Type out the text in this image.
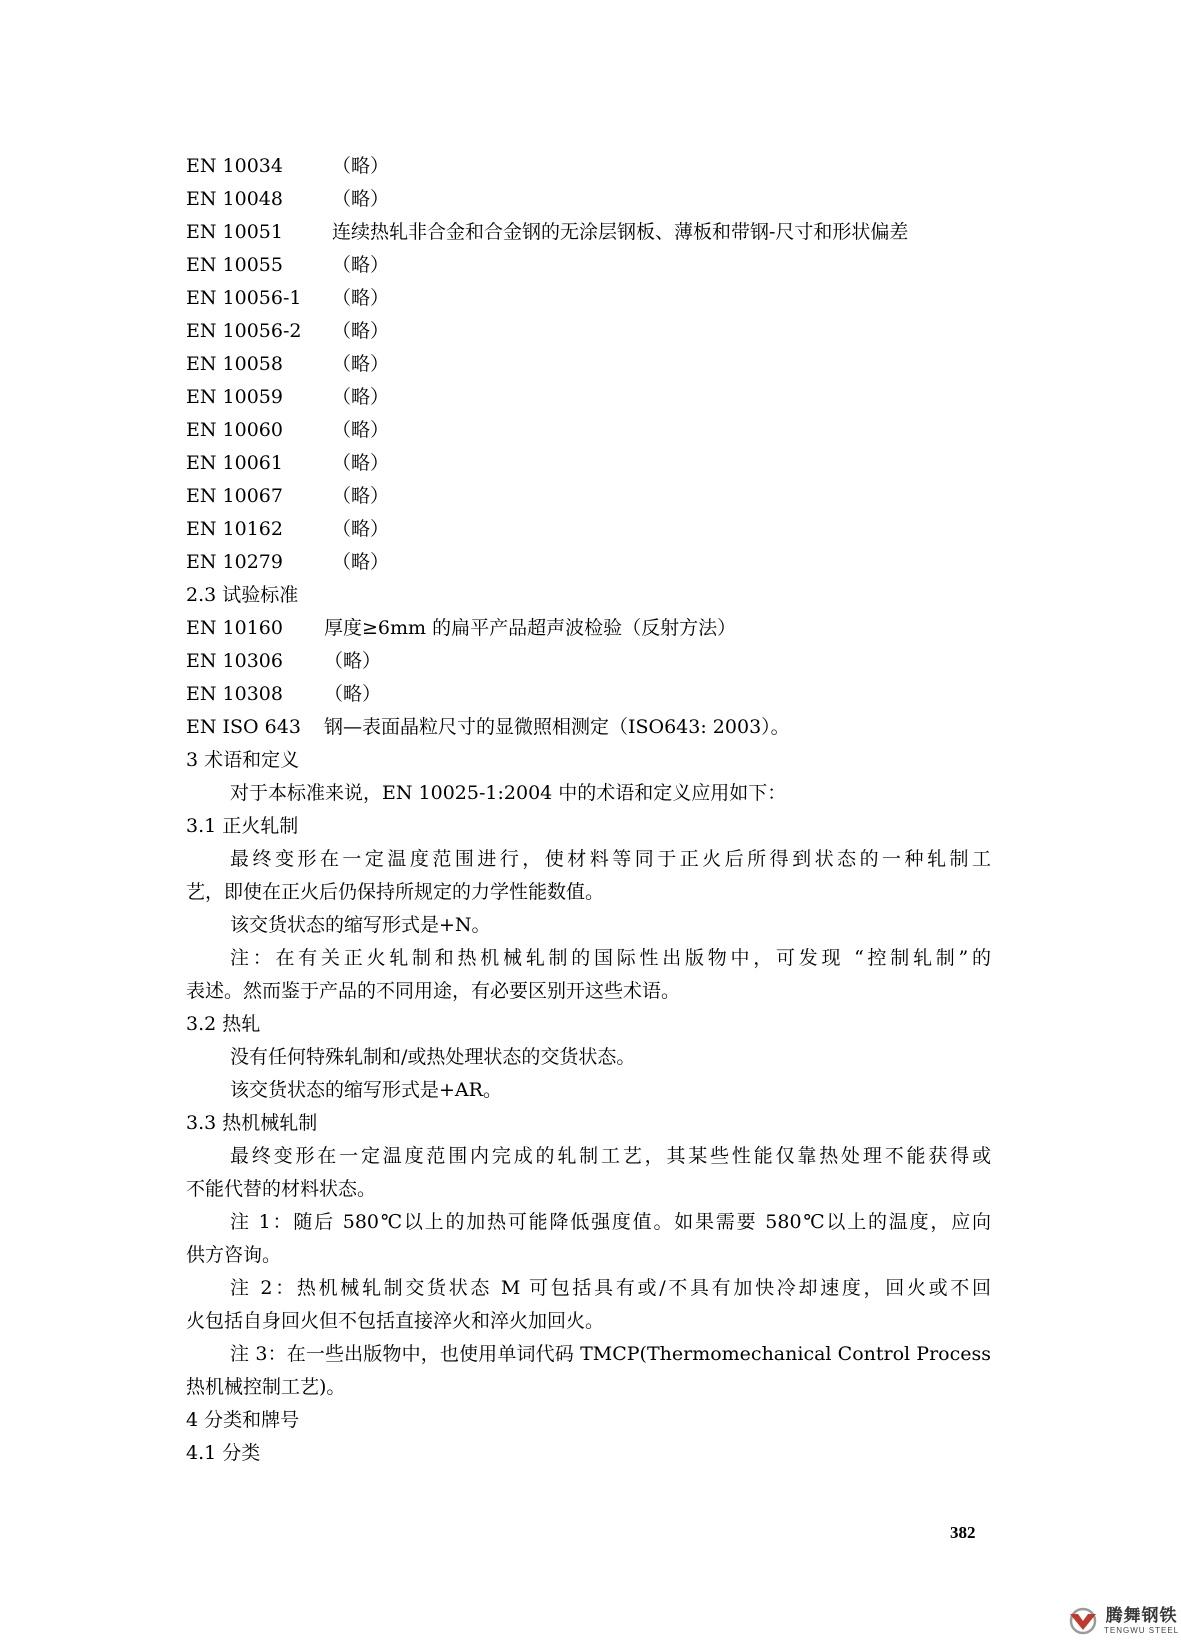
EN 10034	（略）
EN 10048	（略）
EN 10051	连续热轧非合金和合金钢的无涂层钢板、薄板和带钢-尺寸和形状偏差
EN 10055	（略）
EN 10056-1	（略）
EN 10056-2	（略）
EN 10058	（略）
EN 10059	（略）
EN 10060	（略）
EN 10061	（略）
EN 10067	（略）
EN 10162	（略）
EN 10279	（略）
2.3 试验标准
EN 10160	厚度≥6mm 的扁平产品超声波检验（反射方法）
EN 10306	（略）
EN 10308	（略）
EN ISO 643	钢—表面晶粒尺寸的显微照相测定（ISO643: 2003）。
3 术语和定义
对于本标准来说，EN 10025-1:2004 中的术语和定义应用如下：
3.1 正火轧制
最终变形在一定温度范围进行，使材料等同于正火后所得到状态的一种轧制工
艺，即使在正火后仍保持所规定的力学性能数值。
该交货状态的缩写形式是+N。
注：在有关正火轧制和热机械轧制的国际性出版物中，可发现 “控制轧制”的
表述。然而鉴于产品的不同用途，有必要区别开这些术语。
3.2 热轧
没有任何特殊轧制和/或热处理状态的交货状态。
该交货状态的缩写形式是+AR。
3.3 热机械轧制
最终变形在一定温度范围内完成的轧制工艺，其某些性能仅靠热处理不能获得或
不能代替的材料状态。
注 1：随后 580℃以上的加热可能降低强度值。如果需要 580℃以上的温度，应向
供方咨询。
注 2：热机械轧制交货状态 M 可包括具有或/不具有加快冷却速度，回火或不回
火包括自身回火但不包括直接淬火和淬火加回火。
注 3：在一些出版物中，也使用单词代码 TMCP(Thermomechanical Control Process
热机械控制工艺)。
4 分类和牌号
4.1 分类
382
腾舞钢铁
TENGWU STEEL
